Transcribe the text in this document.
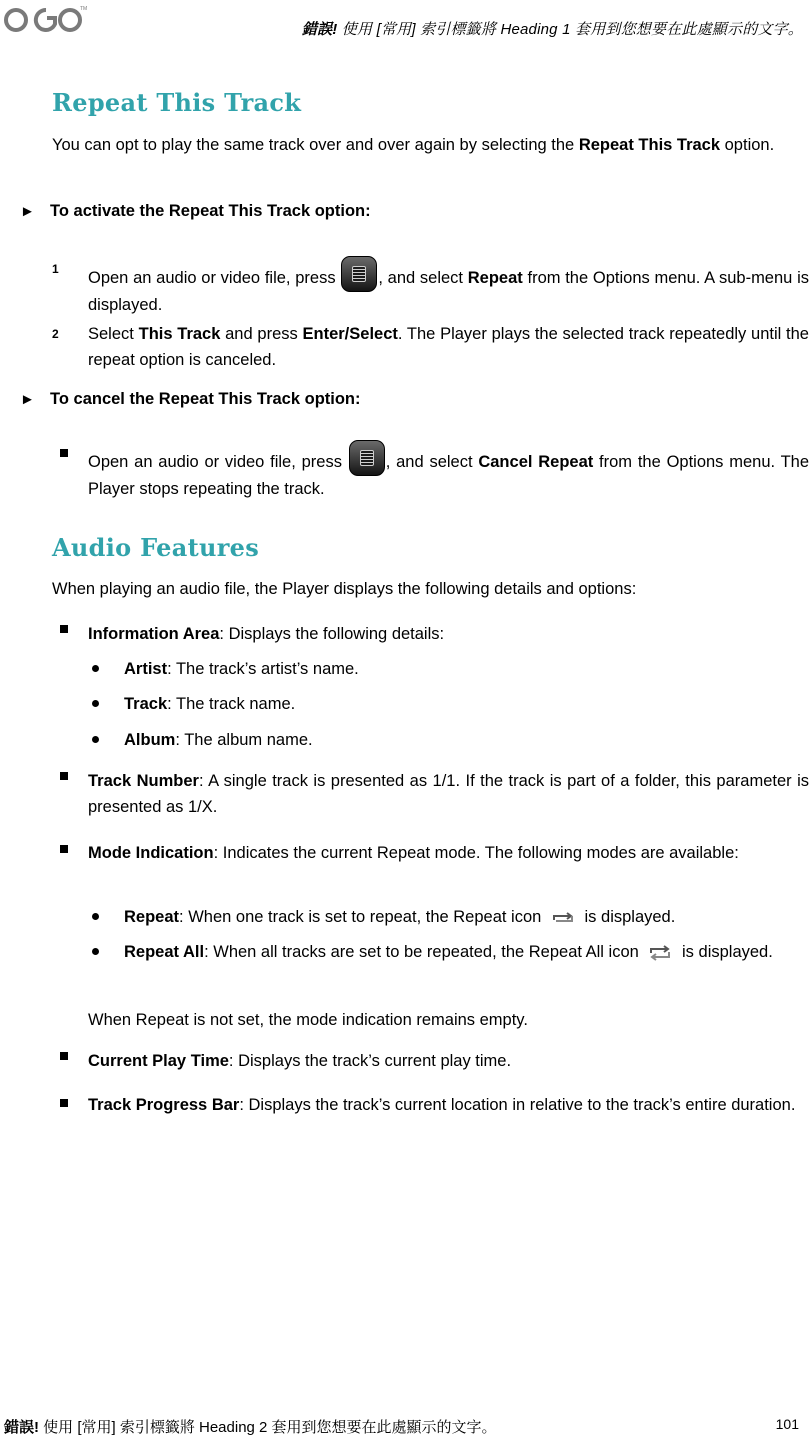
TM
錯誤! 使用 [常用] 索引標籤將 Heading 1 套用到您想要在此處顯示的文字。
Repeat This Track
You can opt to play the same track over and over again by selecting the Repeat This Track option.
► To activate the Repeat This Track option:
1 Open an audio or video file, press , and select Repeat from the Options menu. A sub-menu is displayed.
2 Select This Track and press Enter/Select. The Player plays the selected track repeatedly until the repeat option is canceled.
► To cancel the Repeat This Track option:
Open an audio or video file, press , and select Cancel Repeat from the Options menu. The Player stops repeating the track.
Audio Features
When playing an audio file, the Player displays the following details and options:
Information Area: Displays the following details:
Artist: The track’s artist’s name.
Track: The track name.
Album: The album name.
Track Number: A single track is presented as 1/1. If the track is part of a folder, this parameter is presented as 1/X.
Mode Indication: Indicates the current Repeat mode. The following modes are available:
Repeat: When one track is set to repeat, the Repeat icon	is displayed.
Repeat All: When all tracks are set to be repeated, the Repeat All icon	is displayed.
When Repeat is not set, the mode indication remains empty.
Current Play Time: Displays the track’s current play time.
Track Progress Bar: Displays the track’s current location in relative to the track’s entire duration.
錯誤! 使用 [常用] 索引標籤將 Heading 2 套用到您想要在此處顯示的文字。	101
